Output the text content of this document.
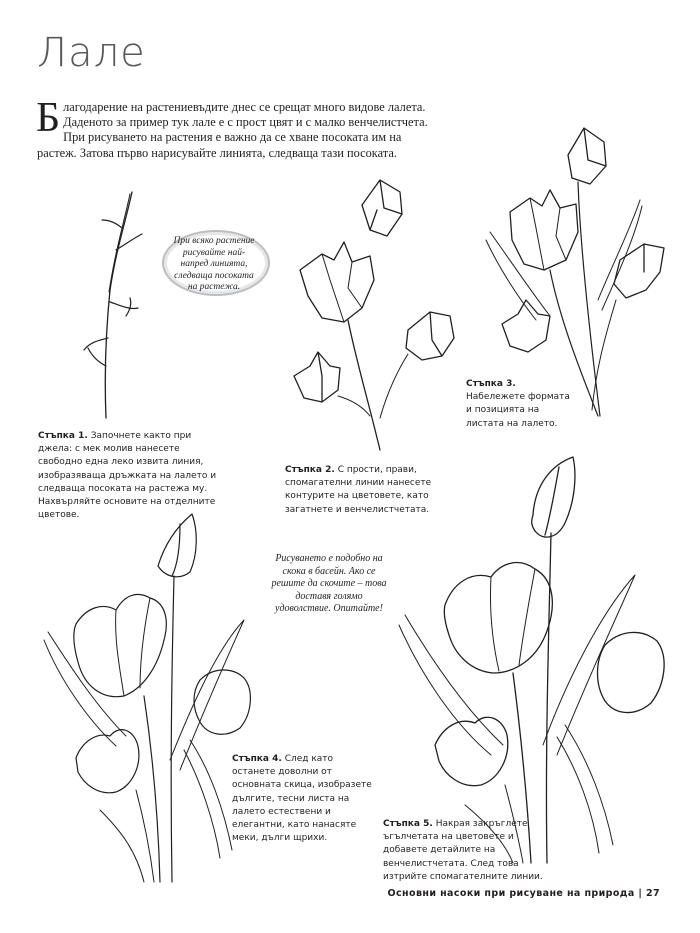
Лале
Благодарение на растениевъдите днес се срещат много видове лалета. Даденото за пример тук лале е с прост цвят и с малко венчелистчета. При рисуването на растения е важно да се хване посоката им на растеж. Затова първо нарисувайте линията, следваща тази посоката.
При всяко растение рисувайте най-напред линията, следваща посоката на растежа.
Стъпка 1. Започнете както при джела: с мек молив нанесете свободно една леко извита линия, изобразяваща дръжката на лалето и следваща посоката на растежа му. Нахвърляйте основите на отделните цветове.
Стъпка 2. С прости, прави, спомагателни линии нанесете контурите на цветовете, като загатнете и венчелистчетата.
Стъпка 3. Набележете формата и позицията на листата на лалето.
Рисуването е подобно на скока в басейн. Ако се решите да скочите – това доставя голямо удоволствие. Опитайте!
Стъпка 4. След като останете доволни от основната скица, изобразете дългите, тесни листа на лалето естествени и елегантни, като нанасяте меки, дълги щрихи.
Стъпка 5. Накрая закръглете ъгълчетата на цветовете и добавете детайлите на венчелистчетата. След това изтрийте спомагателните линии.
Основни насоки при рисуване на природа | 27
